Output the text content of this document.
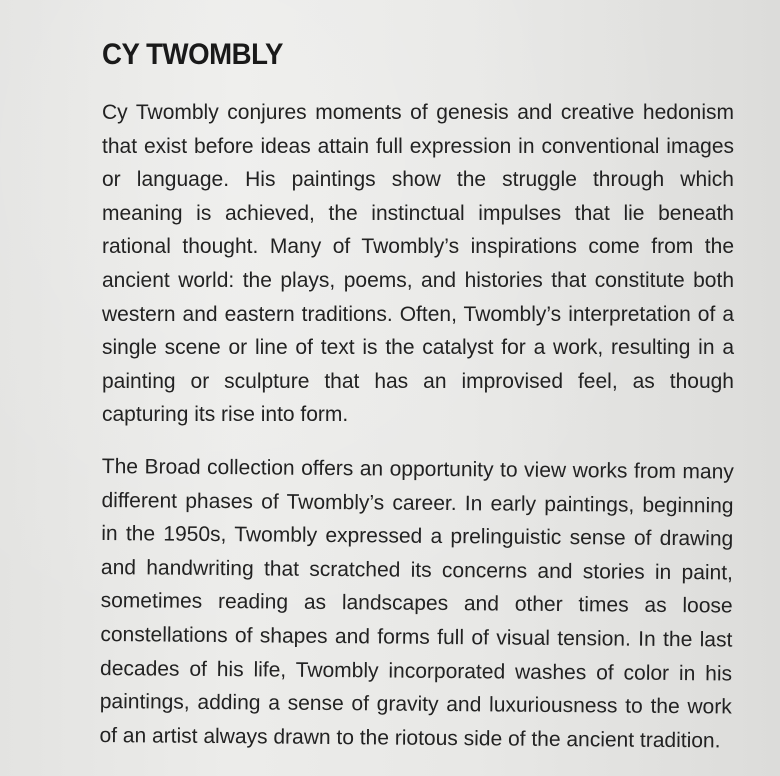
CY TWOMBLY

Cy Twombly conjures moments of genesis and creative hedonism that exist before ideas attain full expression in conventional images or language. His paintings show the struggle through which meaning is achieved, the instinctual impulses that lie beneath rational thought. Many of Twombly’s inspirations come from the ancient world: the plays, poems, and histories that constitute both western and eastern traditions. Often, Twombly’s interpretation of a single scene or line of text is the catalyst for a work, resulting in a painting or sculpture that has an improvised feel, as though capturing its rise into form.

The Broad collection offers an opportunity to view works from many different phases of Twombly’s career. In early paintings, beginning in the 1950s, Twombly expressed a prelinguistic sense of drawing and handwriting that scratched its concerns and stories in paint, sometimes reading as landscapes and other times as loose constellations of shapes and forms full of visual tension. In the last decades of his life, Twombly incorporated washes of color in his paintings, adding a sense of gravity and luxuriousness to the work of an artist always drawn to the riotous side of the ancient tradition.
